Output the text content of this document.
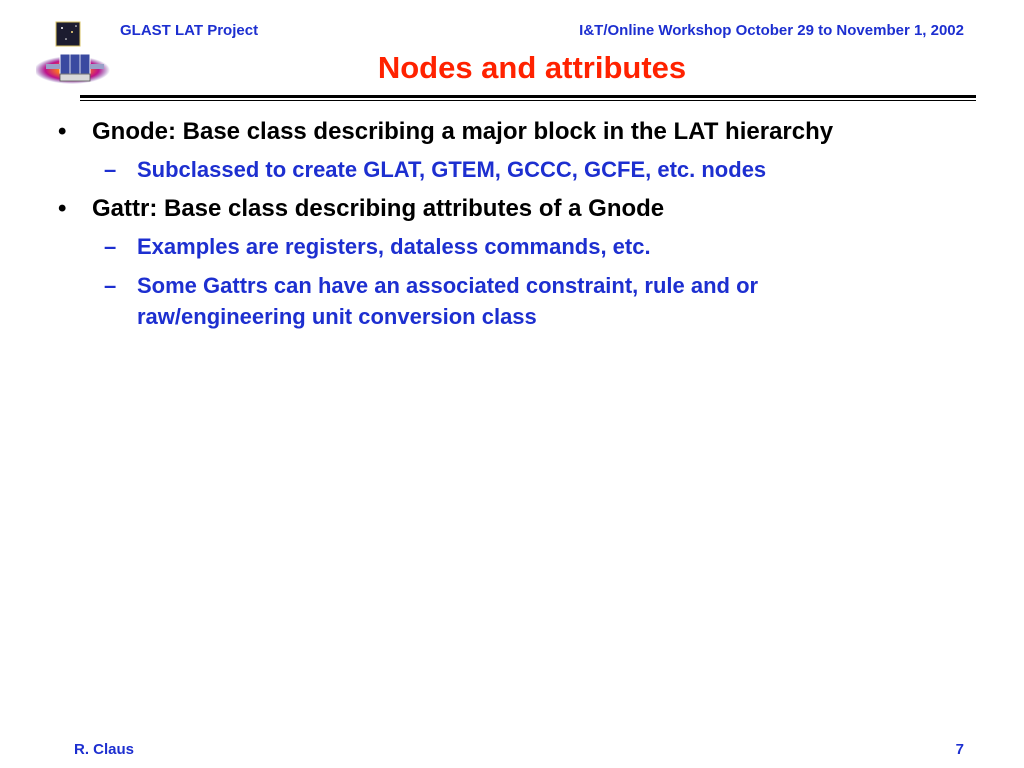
GLAST LAT Project	I&T/Online Workshop October 29 to November 1, 2002
Nodes and attributes
• Gnode: Base class describing a major block in the LAT hierarchy
– Subclassed to create GLAT, GTEM, GCCC, GCFE, etc. nodes
• Gattr: Base class describing attributes of a Gnode
– Examples are registers, dataless commands, etc.
– Some Gattrs can have an associated constraint, rule and or
raw/engineering unit conversion class
R. Claus	7
